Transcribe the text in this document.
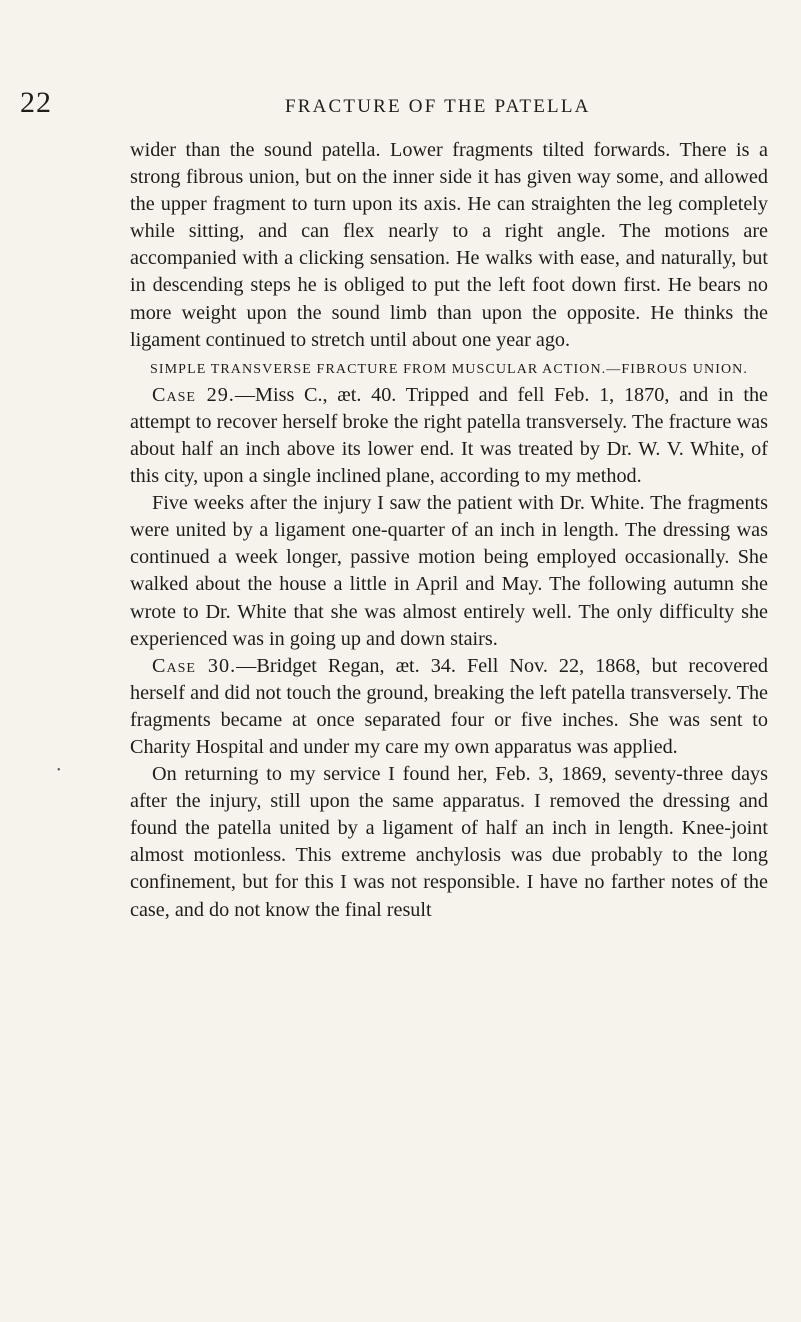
22	FRACTURE OF THE PATELLA
•

wider than the sound patella. Lower fragments tilted forwards. There is a strong fibrous union, but on the inner side it has given way some, and allowed the upper fragment to turn upon its axis. He can straighten the leg completely while sitting, and can flex nearly to a right angle. The motions are accompanied with a clicking sensation. He walks with ease, and naturally, but in descending steps he is obliged to put the left foot down first. He bears no more weight upon the sound limb than upon the opposite. He thinks the ligament continued to stretch until about one year ago.

SIMPLE TRANSVERSE FRACTURE FROM MUSCULAR ACTION.—FIBROUS UNION.

Case 29.—Miss C., æt. 40. Tripped and fell Feb. 1, 1870, and in the attempt to recover herself broke the right patella transversely. The fracture was about half an inch above its lower end. It was treated by Dr. W. V. White, of this city, upon a single inclined plane, according to my method.

Five weeks after the injury I saw the patient with Dr. White. The fragments were united by a ligament one-quarter of an inch in length. The dressing was continued a week longer, passive motion being employed occasionally. She walked about the house a little in April and May. The following autumn she wrote to Dr. White that she was almost entirely well. The only difficulty she experienced was in going up and down stairs.

Case 30.—Bridget Regan, æt. 34. Fell Nov. 22, 1868, but recovered herself and did not touch the ground, breaking the left patella transversely. The fragments became at once separated four or five inches. She was sent to Charity Hospital and under my care my own apparatus was applied.

On returning to my service I found her, Feb. 3, 1869, seventy-three days after the injury, still upon the same apparatus. I removed the dressing and found the patella united by a ligament of half an inch in length. Knee-joint almost motionless. This extreme anchylosis was due probably to the long confinement, but for this I was not responsible. I have no farther notes of the case, and do not know the final result
